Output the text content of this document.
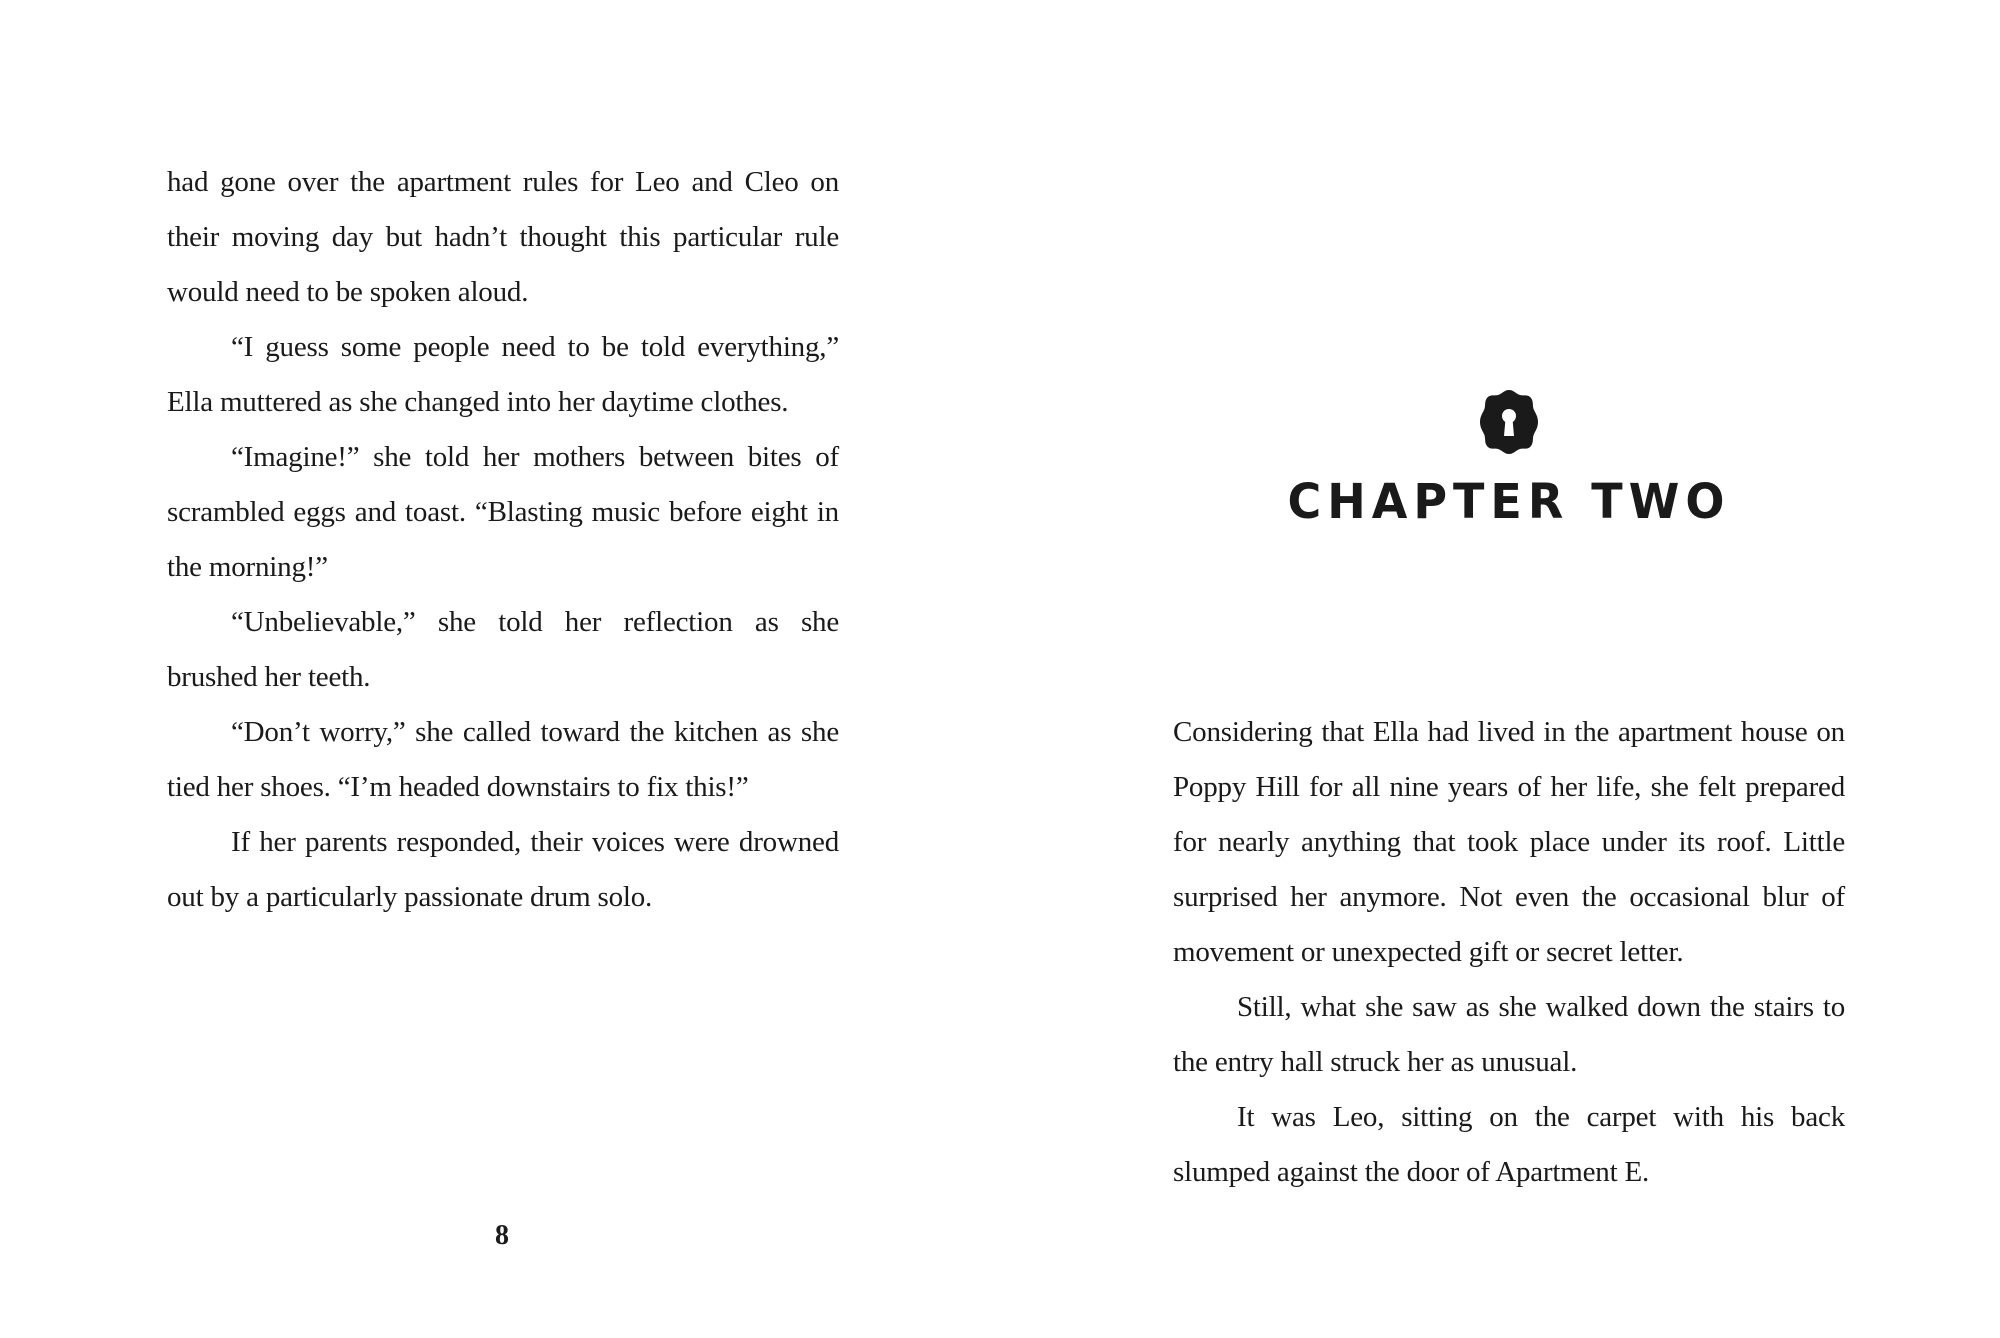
had gone over the apartment rules for Leo and Cleo on their moving day but hadn’t thought this particular rule would need to be spoken aloud.

“I guess some people need to be told everything,” Ella muttered as she changed into her daytime clothes.

“Imagine!” she told her mothers between bites of scrambled eggs and toast. “Blasting music before eight in the morning!”

“Unbelievable,” she told her reflection as she brushed her teeth.

“Don’t worry,” she called toward the kitchen as she tied her shoes. “I’m headed downstairs to fix this!”

If her parents responded, their voices were drowned out by a particularly passionate drum solo.

8
CHAPTER TWO

Considering that Ella had lived in the apartment house on Poppy Hill for all nine years of her life, she felt prepared for nearly anything that took place under its roof. Little surprised her anymore. Not even the occasional blur of movement or unexpected gift or secret letter.

Still, what she saw as she walked down the stairs to the entry hall struck her as unusual.

It was Leo, sitting on the carpet with his back slumped against the door of Apartment E.
